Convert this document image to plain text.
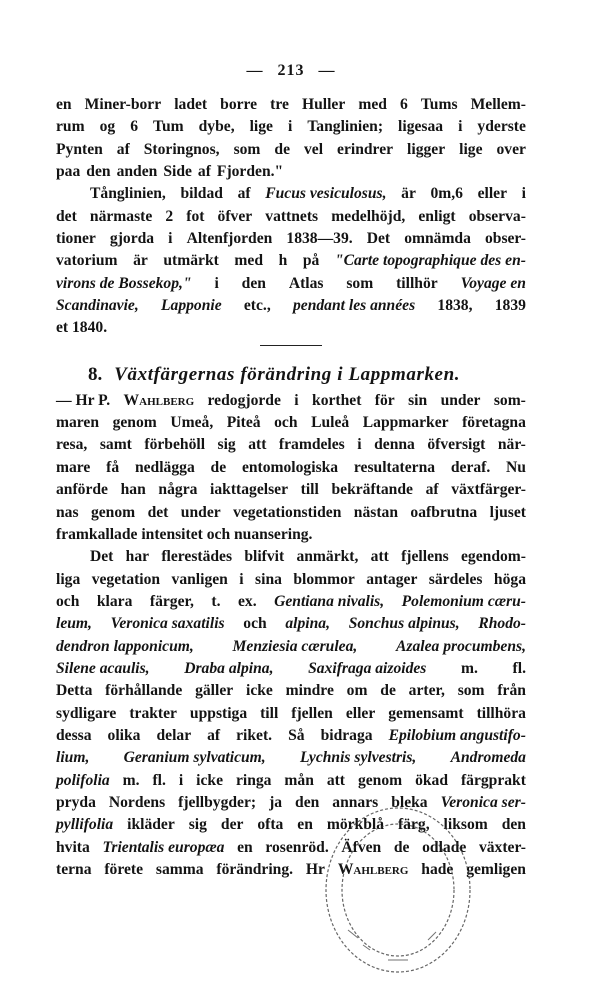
— 213 —
en Miner-borr ladet borre tre Huller med 6 Tums Mellem-
rum og 6 Tum dybe, lige i Tanglinien; ligesaa i yderste
Pynten af Storingnos, som de vel erindrer ligger lige over
paa den anden Side af Fjorden."
Tånglinien, bildad af Fucus vesiculosus, är 0m,6 eller i
det närmaste 2 fot öfver vattnets medelhöjd, enligt observa-
tioner gjorda i Altenfjorden 1838—39. Det omnämda obser-
vatorium är utmärkt med h på "Carte topographique des en-
virons de Bossekop," i den Atlas som tillhör Voyage en
Scandinavie, Lapponie etc., pendant les années 1838, 1839
et 1840.
8. Växtfärgernas förändring i Lappmarken.
— Hr P. Wahlberg redogjorde i korthet för sin under som-
maren genom Umeå, Piteå och Luleå Lappmarker företagna
resa, samt förbehöll sig att framdeles i denna öfversigt när-
mare få nedlägga de entomologiska resultaterna deraf. Nu
anförde han några iakttagelser till bekräftande af växtfärger-
nas genom det under vegetationstiden nästan oafbrutna ljuset
framkallade intensitet och nuansering.
Det har flerestädes blifvit anmärkt, att fjellens egendom-
liga vegetation vanligen i sina blommor antager särdeles höga
och klara färger, t. ex. Gentiana nivalis, Polemonium cæru-
leum, Veronica saxatilis och alpina, Sonchus alpinus, Rhodo-
dendron lapponicum, Menziesia cærulea, Azalea procumbens,
Silene acaulis, Draba alpina, Saxifraga aizoides m. fl.
Detta förhållande gäller icke mindre om de arter, som från
sydligare trakter uppstiga till fjellen eller gemensamt tillhöra
dessa olika delar af riket. Så bidraga Epilobium angustifo-
lium, Geranium sylvaticum, Lychnis sylvestris, Andromeda
polifolia m. fl. i icke ringa mån att genom ökad färgprakt
pryda Nordens fjellbygder; ja den annars bleka Veronica ser-
pyllifolia ikläder sig der ofta en mörkblå färg, liksom den
hvita Trientalis europæa en rosenröd. Äfven de odlade växter-
terna förete samma förändring. Hr Wahlberg hade gemligen
